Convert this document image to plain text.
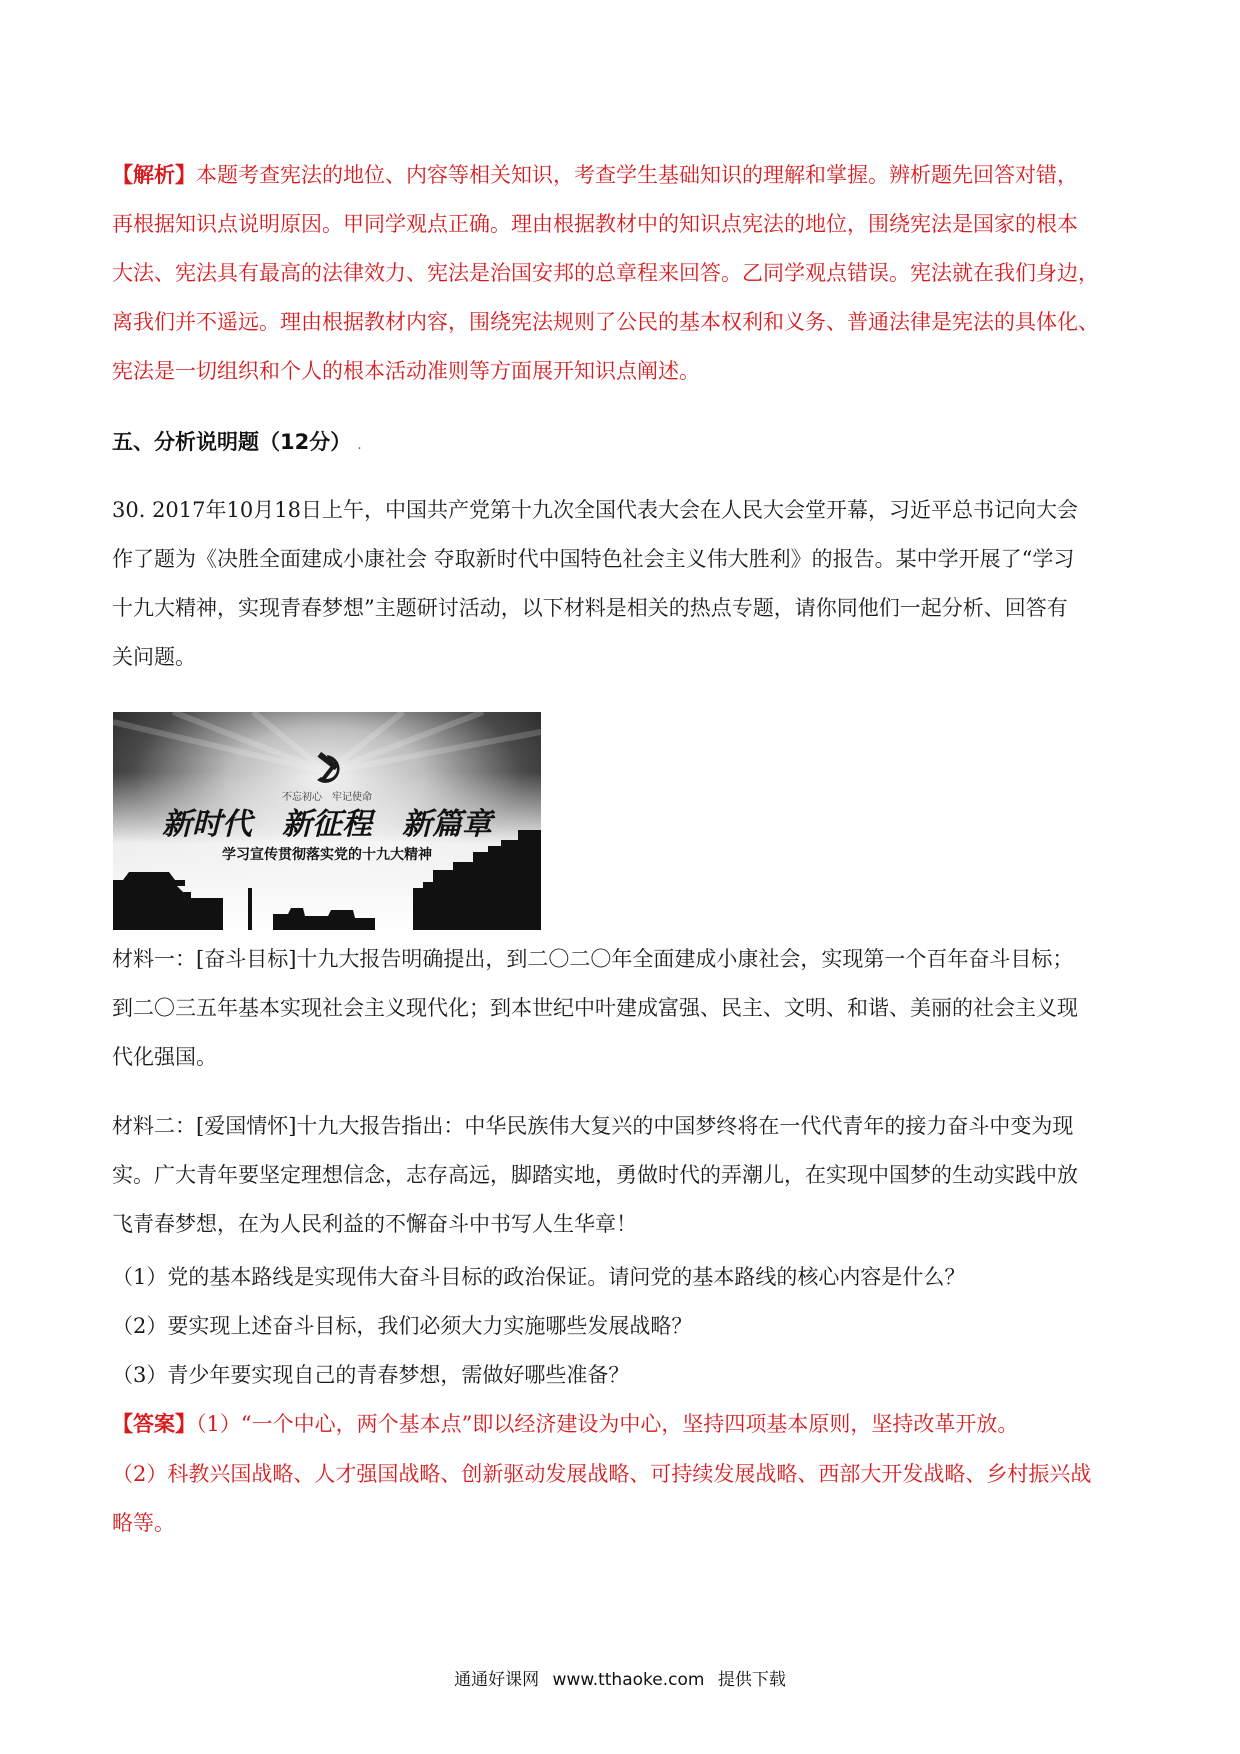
【解析】本题考查宪法的地位、内容等相关知识，考查学生基础知识的理解和掌握。辨析题先回答对错，
再根据知识点说明原因。甲同学观点正确。理由根据教材中的知识点宪法的地位，围绕宪法是国家的根本
大法、宪法具有最高的法律效力、宪法是治国安邦的总章程来回答。乙同学观点错误。宪法就在我们身边，
离我们并不遥远。理由根据教材内容，围绕宪法规则了公民的基本权利和义务、普通法律是宪法的具体化、
宪法是一切组织和个人的根本活动准则等方面展开知识点阐述。
五、分析说明题（12分） .
30. 2017年10月18日上午，中国共产党第十九次全国代表大会在人民大会堂开幕，习近平总书记向大会
作了题为《决胜全面建成小康社会 夺取新时代中国特色社会主义伟大胜利》的报告。某中学开展了“学习
十九大精神，实现青春梦想”主题研讨活动，以下材料是相关的热点专题，请你同他们一起分析、回答有
关问题。
不忘初心　牢记使命
新时代　新征程　新篇章
学习宣传贯彻落实党的十九大精神
材料一：[奋斗目标]十九大报告明确提出，到二〇二〇年全面建成小康社会，实现第一个百年奋斗目标；
到二〇三五年基本实现社会主义现代化；到本世纪中叶建成富强、民主、文明、和谐、美丽的社会主义现
代化强国。
材料二：[爱国情怀]十九大报告指出：中华民族伟大复兴的中国梦终将在一代代青年的接力奋斗中变为现
实。广大青年要坚定理想信念，志存高远，脚踏实地，勇做时代的弄潮儿，在实现中国梦的生动实践中放
飞青春梦想，在为人民利益的不懈奋斗中书写人生华章！
（1）党的基本路线是实现伟大奋斗目标的政治保证。请问党的基本路线的核心内容是什么？
（2）要实现上述奋斗目标，我们必须大力实施哪些发展战略？
（3）青少年要实现自己的青春梦想，需做好哪些准备？
【答案】（1）“一个中心，两个基本点”即以经济建设为中心，坚持四项基本原则，坚持改革开放。
（2）科教兴国战略、人才强国战略、创新驱动发展战略、可持续发展战略、西部大开发战略、乡村振兴战
略等。
通通好课网 www.tthaoke.com 提供下载
